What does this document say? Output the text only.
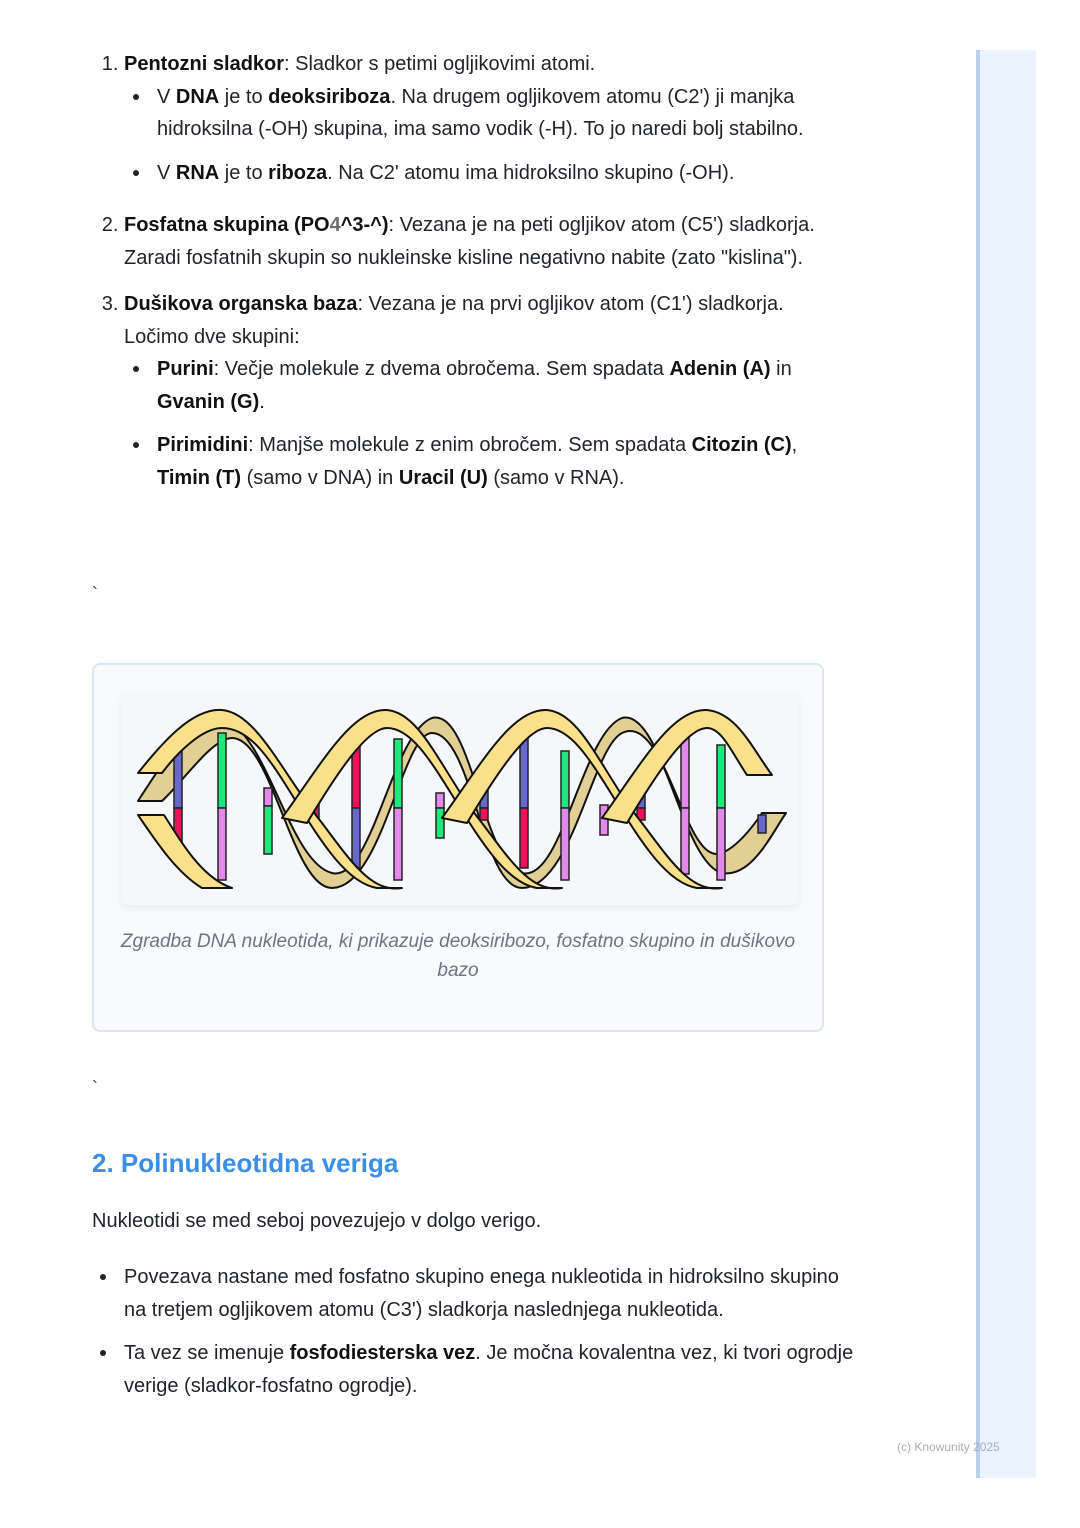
1. Pentozni sladkor: Sladkor s petimi ogljikovimi atomi.
V DNA je to deoksiriboza. Na drugem ogljikovem atomu (C2') ji manjka hidroksilna (-OH) skupina, ima samo vodik (-H). To jo naredi bolj stabilno.
V RNA je to riboza. Na C2' atomu ima hidroksilno skupino (-OH).
2. Fosfatna skupina (PO4^3-^): Vezana je na peti ogljikov atom (C5') sladkorja. Zaradi fosfatnih skupin so nukleinske kisline negativno nabite (zato "kislina").
3. Dušikova organska baza: Vezana je na prvi ogljikov atom (C1') sladkorja. Ločimo dve skupini:
Purini: Večje molekule z dvema obročema. Sem spadata Adenin (A) in Gvanin (G).
Pirimidini: Manjše molekule z enim obročem. Sem spadata Citozin (C), Timin (T) (samo v DNA) in Uracil (U) (samo v RNA).
`
Zgradba DNA nukleotida, ki prikazuje deoksiribozo, fosfatno skupino in dušikovo bazo
`
2. Polinukleotidna veriga
Nukleotidi se med seboj povezujejo v dolgo verigo.
Povezava nastane med fosfatno skupino enega nukleotida in hidroksilno skupino na tretjem ogljikovem atomu (C3') sladkorja naslednjega nukleotida.
Ta vez se imenuje fosfodiesterska vez. Je močna kovalentna vez, ki tvori ogrodje verige (sladkor-fosfatno ogrodje).
(c) Knowunity 2025
